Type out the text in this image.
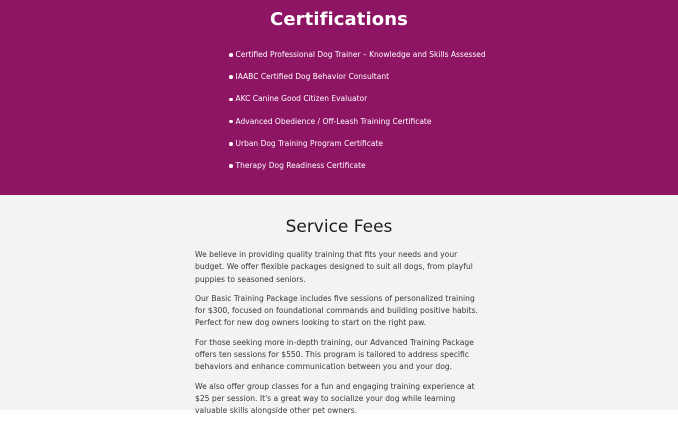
Certifications
Certified Professional Dog Trainer – Knowledge and Skills Assessed
IAABC Certified Dog Behavior Consultant
AKC Canine Good Citizen Evaluator
Advanced Obedience / Off-Leash Training Certificate
Urban Dog Training Program Certificate
Therapy Dog Readiness Certificate
Service Fees

We believe in providing quality training that fits your needs and your budget. We offer flexible packages designed to suit all dogs, from playful puppies to seasoned seniors.

Our Basic Training Package includes five sessions of personalized training for $300, focused on foundational commands and building positive habits. Perfect for new dog owners looking to start on the right paw.

For those seeking more in-depth training, our Advanced Training Package offers ten sessions for $550. This program is tailored to address specific behaviors and enhance communication between you and your dog.

We also offer group classes for a fun and engaging training experience at $25 per session. It's a great way to socialize your dog while learning valuable skills alongside other pet owners.
